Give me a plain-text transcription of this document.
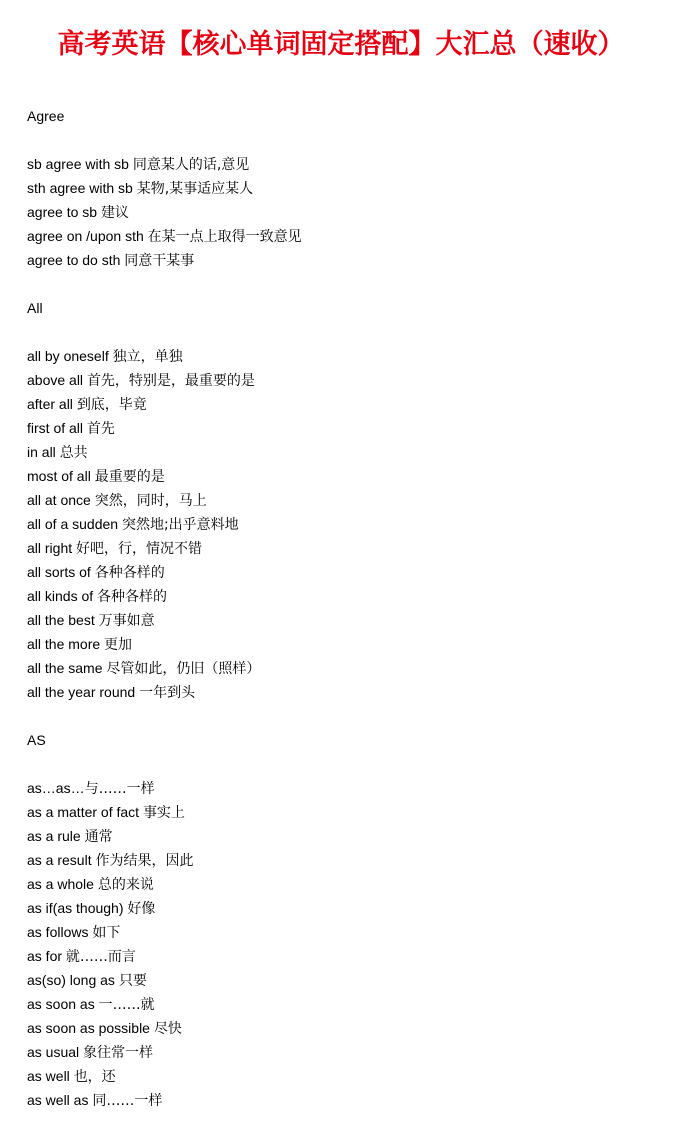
高考英语【核心单词固定搭配】大汇总（速收）
Agree
sb agree with sb 同意某人的话,意见
sth agree with sb 某物,某事适应某人
agree to sb 建议
agree on /upon sth 在某一点上取得一致意见
agree to do sth 同意干某事
All
all by oneself 独立，单独
above all 首先，特别是，最重要的是
after all 到底，毕竟
first of all 首先
in all 总共
most of all 最重要的是
all at once 突然，同时，马上
all of a sudden 突然地;出乎意料地
all right 好吧，行，情况不错
all sorts of 各种各样的
all kinds of 各种各样的
all the best 万事如意
all the more 更加
all the same 尽管如此，仍旧（照样）
all the year round 一年到头
AS
as…as…与……一样
as a matter of fact 事实上
as a rule 通常
as a result 作为结果，因此
as a whole 总的来说
as if(as though) 好像
as follows 如下
as for 就……而言
as(so) long as 只要
as soon as 一……就
as soon as possible 尽快
as usual 象往常一样
as well 也，还
as well as 同……一样
